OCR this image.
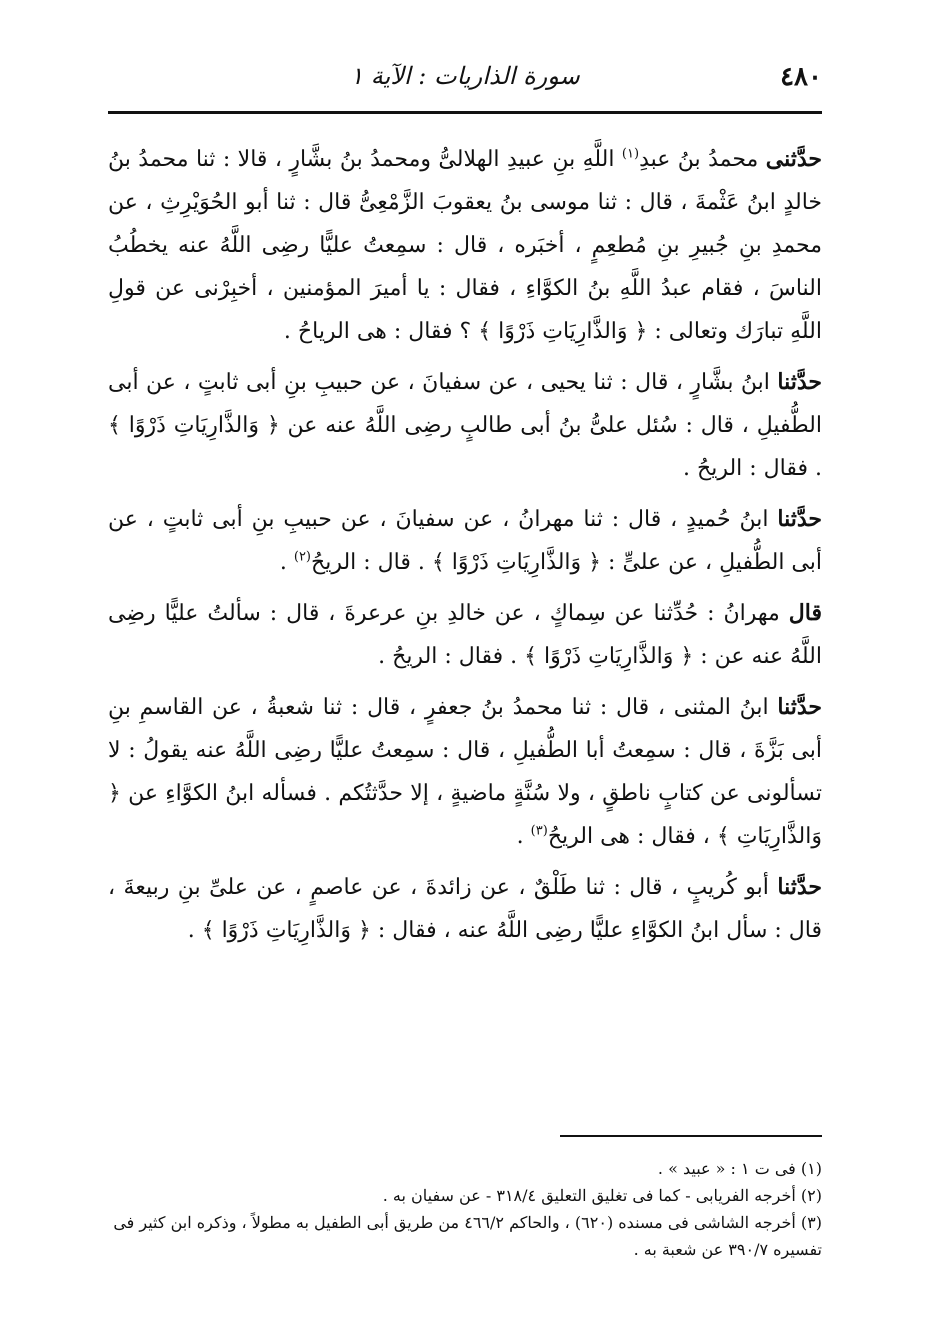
٤٨٠
سورة الذاريات : الآية ١

حدَّثنى محمدُ بنُ عبدِ$^{(١)}$ اللَّهِ بنِ عبيدِ الهلالىُّ ومحمدُ بنُ بشَّارٍ ، قالا : ثنا محمدُ بنُ خالدٍ ابنُ عَثْمةَ ، قال : ثنا موسى بنُ يعقوبَ الزَّمْعِىُّ قال : ثنا أبو الحُوَيْرِثِ ، عن محمدِ بنِ جُبيرِ بنِ مُطعِمٍ ، أخبَره ، قال : سمِعتُ عليًّا رضِى اللَّهُ عنه يخطُبُ الناسَ ، فقام عبدُ اللَّهِ بنُ الكوَّاءِ ، فقال : يا أميرَ المؤمنين ، أخبِرْنى عن قولِ اللَّهِ تبارَك وتعالى : ﴿ وَالذَّارِيَاتِ ذَرْوًا ﴾ ؟ فقال : هى الرياحُ .

حدَّثنا ابنُ بشَّارٍ ، قال : ثنا يحيى ، عن سفيانَ ، عن حبيبِ بنِ أبى ثابتٍ ، عن أبى الطُّفيلِ ، قال : سُئل علىُّ بنُ أبى طالبٍ رضِى اللَّهُ عنه عن ﴿ وَالذَّارِيَاتِ ذَرْوًا ﴾ . فقال : الريحُ .

حدَّثنا ابنُ حُميدٍ ، قال : ثنا مهرانُ ، عن سفيانَ ، عن حبيبِ بنِ أبى ثابتٍ ، عن أبى الطُّفيلِ ، عن علىٍّ : ﴿ وَالذَّارِيَاتِ ذَرْوًا ﴾ . قال : الريحُ$^{(٢)}$ .

قال مهرانُ : حُدِّثنا عن سِماكٍ ، عن خالدِ بنِ عرعرةَ ، قال : سألتُ عليًّا رضِى اللَّهُ عنه عن : ﴿ وَالذَّارِيَاتِ ذَرْوًا ﴾ . فقال : الريحُ .

حدَّثنا ابنُ المثنى ، قال : ثنا محمدُ بنُ جعفرٍ ، قال : ثنا شعبةُ ، عن القاسمِ بنِ أبى بَزَّةَ ، قال : سمِعتُ أبا الطُّفيلِ ، قال : سمِعتُ عليًّا رضِى اللَّهُ عنه يقولُ : لا تسألونى عن كتابٍ ناطقٍ ، ولا سُنَّةٍ ماضيةٍ ، إلا حدَّثتُكم . فسأله ابنُ الكوَّاءِ عن ﴿ وَالذَّارِيَاتِ ﴾ ، فقال : هى الريحُ$^{(٣)}$ .

حدَّثنا أبو كُريبٍ ، قال : ثنا طَلْقٌ ، عن زائدةَ ، عن عاصمٍ ، عن علىِّ بنِ ربيعةَ ، قال : سأل ابنُ الكوَّاءِ عليًّا رضِى اللَّهُ عنه ، فقال : ﴿ وَالذَّارِيَاتِ ذَرْوًا ﴾ .

(١) فى ت ١ : « عبيد » .

(٢) أخرجه الفريابى - كما فى تغليق التعليق ٣١٨/٤ - عن سفيان به .

(٣) أخرجه الشاشى فى مسنده (٦٢٠) ، والحاكم ٤٦٦/٢ من طريق أبى الطفيل به مطولاً ، وذكره ابن كثير فى تفسيره ٣٩٠/٧ عن شعبة به .
